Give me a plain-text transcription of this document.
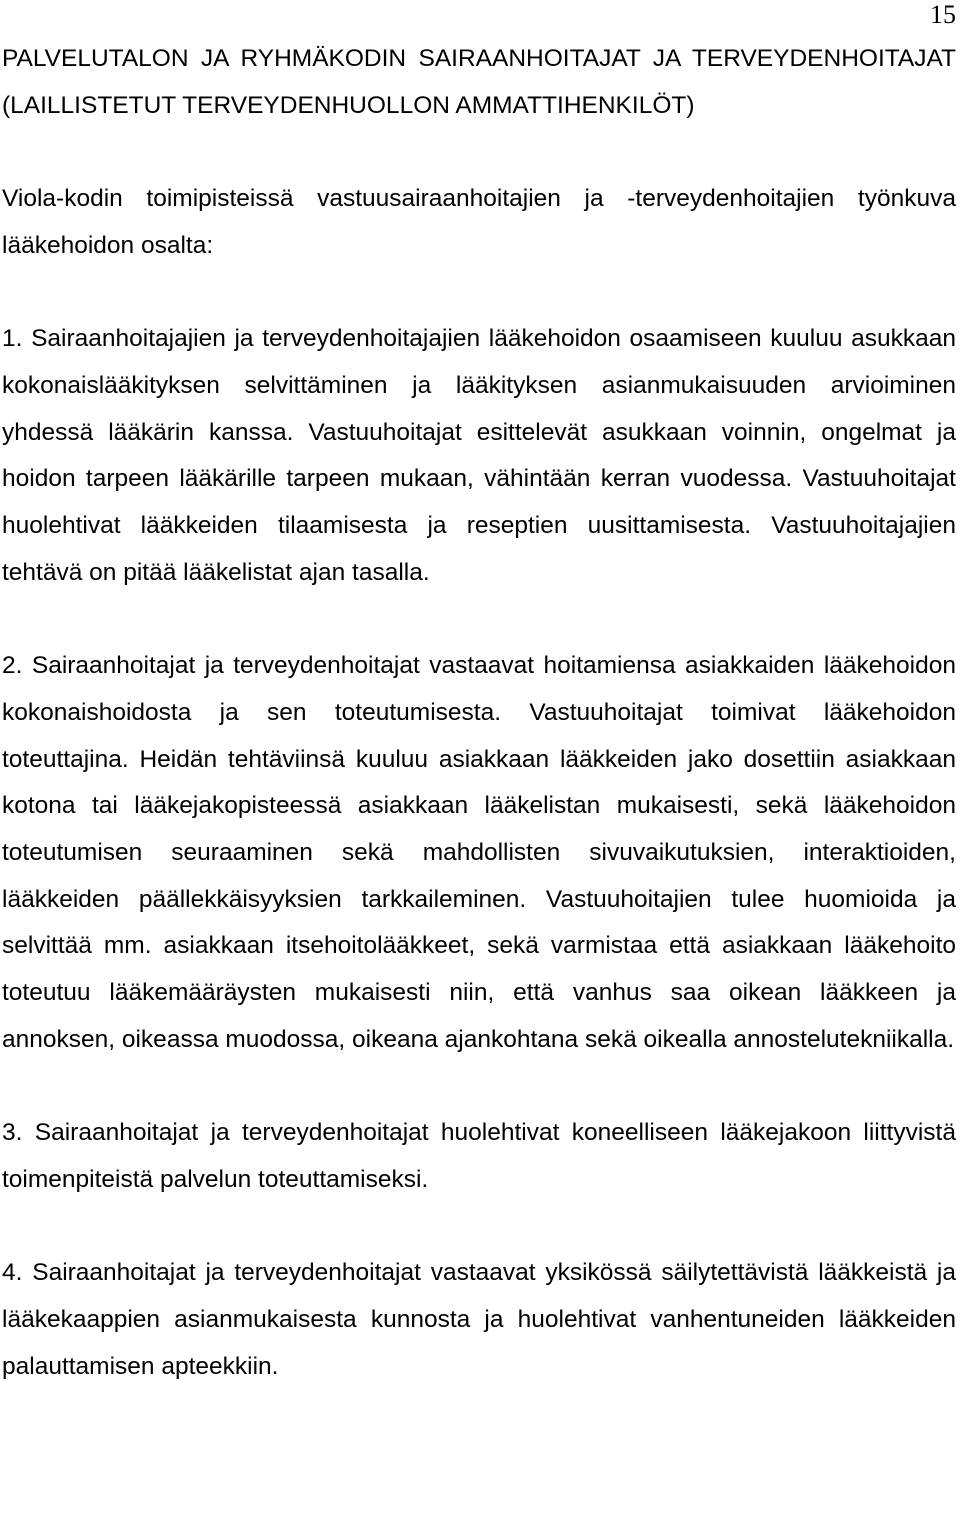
15

PALVELUTALON JA RYHMÄKODIN SAIRAANHOITAJAT JA TERVEYDENHOITAJAT (LAILLISTETUT TERVEYDENHUOLLON AMMATTIHENKILÖT)

Viola-kodin toimipisteissä vastuusairaanhoitajien ja -terveydenhoitajien työnkuva lääkehoidon osalta:

1. Sairaanhoitajajien ja terveydenhoitajajien lääkehoidon osaamiseen kuuluu asukkaan kokonaislääkityksen selvittäminen ja lääkityksen asianmukaisuuden arvioiminen yhdessä lääkärin kanssa. Vastuuhoitajat esittelevät asukkaan voinnin, ongelmat ja hoidon tarpeen lääkärille tarpeen mukaan, vähintään kerran vuodessa. Vastuuhoitajat huolehtivat lääkkeiden tilaamisesta ja reseptien uusittamisesta. Vastuuhoitajajien tehtävä on pitää lääkelistat ajan tasalla.

2. Sairaanhoitajat ja terveydenhoitajat vastaavat hoitamiensa asiakkaiden lääkehoidon kokonaishoidosta ja sen toteutumisesta. Vastuuhoitajat toimivat lääkehoidon toteuttajina. Heidän tehtäviinsä kuuluu asiakkaan lääkkeiden jako dosettiin asiakkaan kotona tai lääkejakopisteessä asiakkaan lääkelistan mukaisesti, sekä lääkehoidon toteutumisen seuraaminen sekä mahdollisten sivuvaikutuksien, interaktioiden, lääkkeiden päällekkäisyyksien tarkkaileminen. Vastuuhoitajien tulee huomioida ja selvittää mm. asiakkaan itsehoitolääkkeet, sekä varmistaa että asiakkaan lääkehoito toteutuu lääkemääräysten mukaisesti niin, että vanhus saa oikean lääkkeen ja annoksen, oikeassa muodossa, oikeana ajankohtana sekä oikealla annostelutekniikalla.

3. Sairaanhoitajat ja terveydenhoitajat huolehtivat koneelliseen lääkejakoon liittyvistä toimenpiteistä palvelun toteuttamiseksi.

4. Sairaanhoitajat ja terveydenhoitajat vastaavat yksikössä säilytettävistä lääkkeistä ja lääkekaappien asianmukaisesta kunnosta ja huolehtivat vanhentuneiden lääkkeiden palauttamisen apteekkiin.
